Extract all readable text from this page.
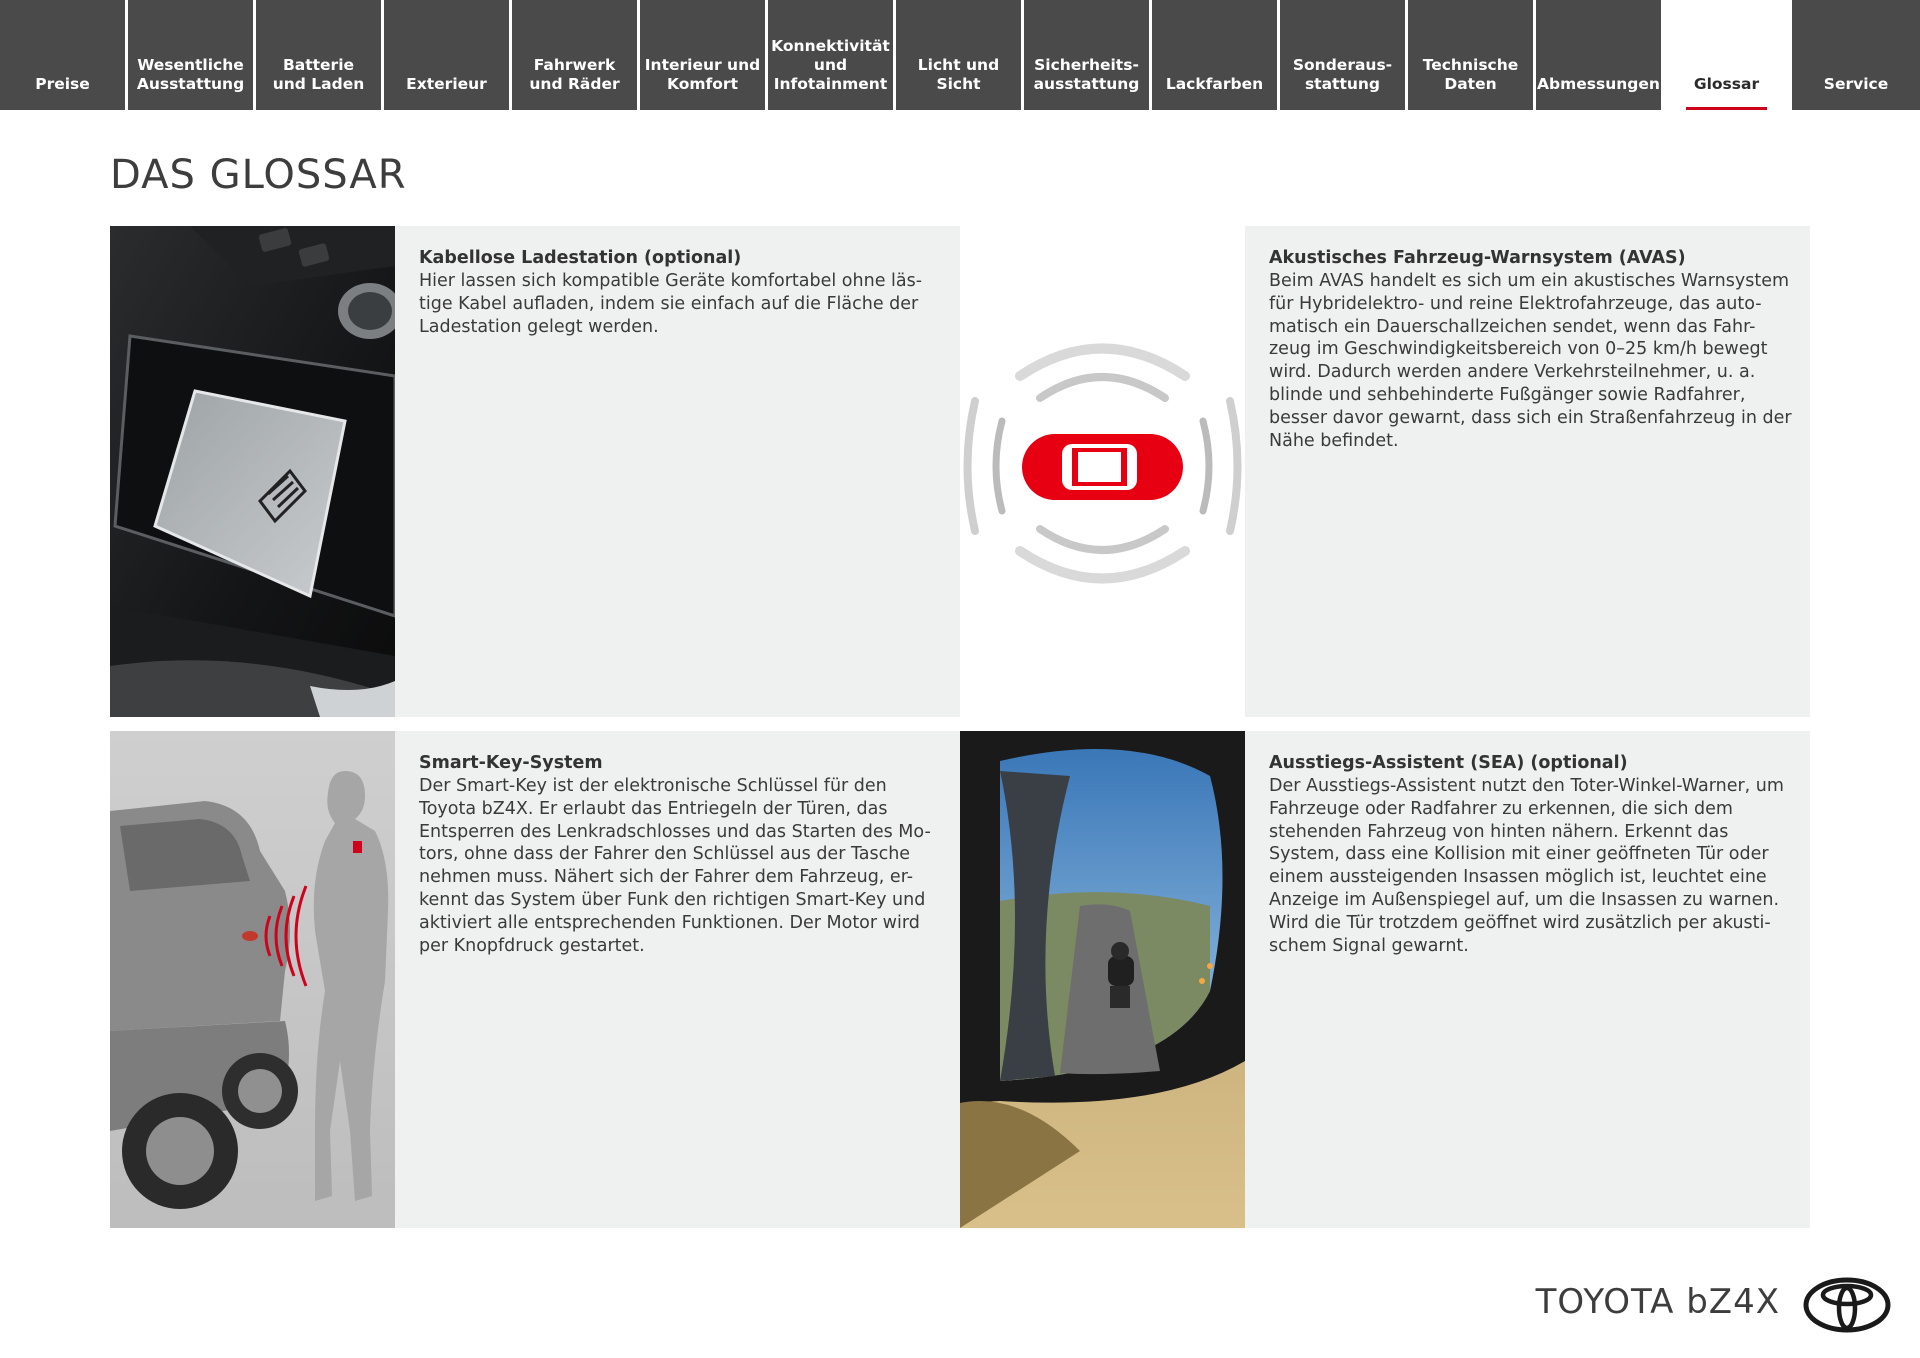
Preise
Wesentliche
Ausstattung
Batterie
und Laden	Exterieur
Fahrwerk
und Räder
Interieur und
Komfort
Konnektivität
und
Infotainment
Licht und Sicht
Sicherheits-
ausstattung Lackfarben
Sonderaus-
stattung
Technische
Daten	Abmessungen Glossar	Service
DAS GLOSSAR
Kabellose Ladestation (optional)

Hier lassen sich kompatible Geräte komfortabel ohne läs-tige Kabel aufladen, indem sie einfach auf die Fläche der Ladestation gelegt werden.

Akustisches Fahrzeug-Warnsystem (AVAS)

Beim AVAS handelt es sich um ein akustisches Warnsystem für Hybridelektro- und reine Elektrofahrzeuge, das auto-matisch ein Dauerschallzeichen sendet, wenn das Fahr-zeug im Geschwindigkeitsbereich von 0–25 km/h bewegt wird. Dadurch werden andere Verkehrsteilnehmer, u. a. blinde und sehbehinderte Fußgänger sowie Radfahrer, besser davor gewarnt, dass sich ein Straßenfahrzeug in der Nähe befindet.

Smart-Key-System

Der Smart-Key ist der elektronische Schlüssel für den Toyota bZ4X. Er erlaubt das Entriegeln der Türen, das Entsperren des Lenkradschlosses und das Starten des Mo-tors, ohne dass der Fahrer den Schlüssel aus der Tasche nehmen muss. Nähert sich der Fahrer dem Fahrzeug, er-kennt das System über Funk den richtigen Smart-Key und aktiviert alle entsprechenden Funktionen. Der Motor wird per Knopfdruck gestartet.

Ausstiegs-Assistent (SEA) (optional)

Der Ausstiegs-Assistent nutzt den Toter-Winkel-Warner, um Fahrzeuge oder Radfahrer zu erkennen, die sich dem stehenden Fahrzeug von hinten nähern. Erkennt das System, dass eine Kollision mit einer geöffneten Tür oder einem aussteigenden Insassen möglich ist, leuchtet eine Anzeige im Außenspiegel auf, um die Insassen zu warnen. Wird die Tür trotzdem geöffnet wird zusätzlich per akusti-schem Signal gewarnt.

TOYOTA bZ4X
